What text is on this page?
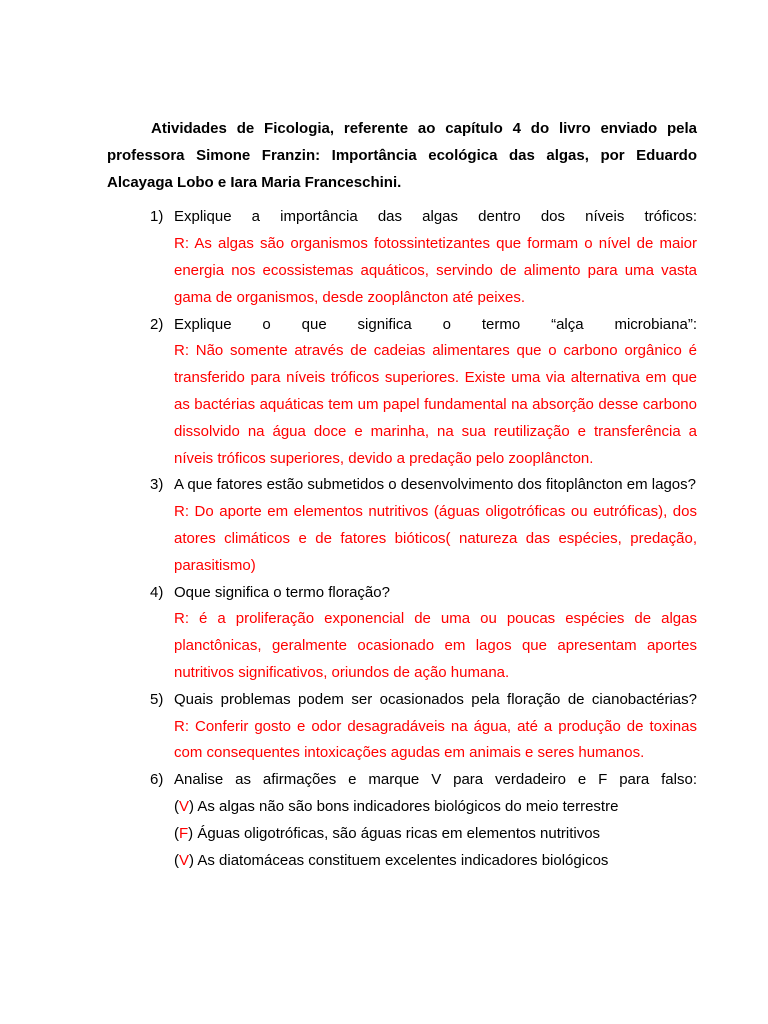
Atividades de Ficologia, referente ao capítulo 4 do livro enviado pela professora Simone Franzin: Importância ecológica das algas, por Eduardo Alcayaga Lobo e Iara Maria Franceschini.

1) Explique a importância das algas dentro dos níveis tróficos:
R: As algas são organismos fotossintetizantes que formam o nível de maior energia nos ecossistemas aquáticos, servindo de alimento para uma vasta gama de organismos, desde zooplâncton até peixes.
2) Explique o que significa o termo “alça microbiana”:
R: Não somente através de cadeias alimentares que o carbono orgânico é transferido para níveis tróficos superiores. Existe uma via alternativa em que as bactérias aquáticas tem um papel fundamental na absorção desse carbono dissolvido na água doce e marinha, na sua reutilização e transferência a níveis tróficos superiores, devido a predação pelo zooplâncton.
3) A que fatores estão submetidos o desenvolvimento dos fitoplâncton em lagos?
R: Do aporte em elementos nutritivos (águas oligotróficas ou eutróficas), dos atores climáticos e de fatores bióticos( natureza das espécies, predação, parasitismo)
4) Oque significa o termo floração?
R: é a proliferação exponencial de uma ou poucas espécies de algas planctônicas, geralmente ocasionado em lagos que apresentam aportes nutritivos significativos, oriundos de ação humana.
5) Quais problemas podem ser ocasionados pela floração de cianobactérias?
R: Conferir gosto e odor desagradáveis na água, até a produção de toxinas com consequentes intoxicações agudas em animais e seres humanos.
6) Analise as afirmações e marque V para verdadeiro e F para falso:
(V) As algas não são bons indicadores biológicos do meio terrestre
(F) Águas oligotróficas, são águas ricas em elementos nutritivos
(V) As diatomáceas constituem excelentes indicadores biológicos
